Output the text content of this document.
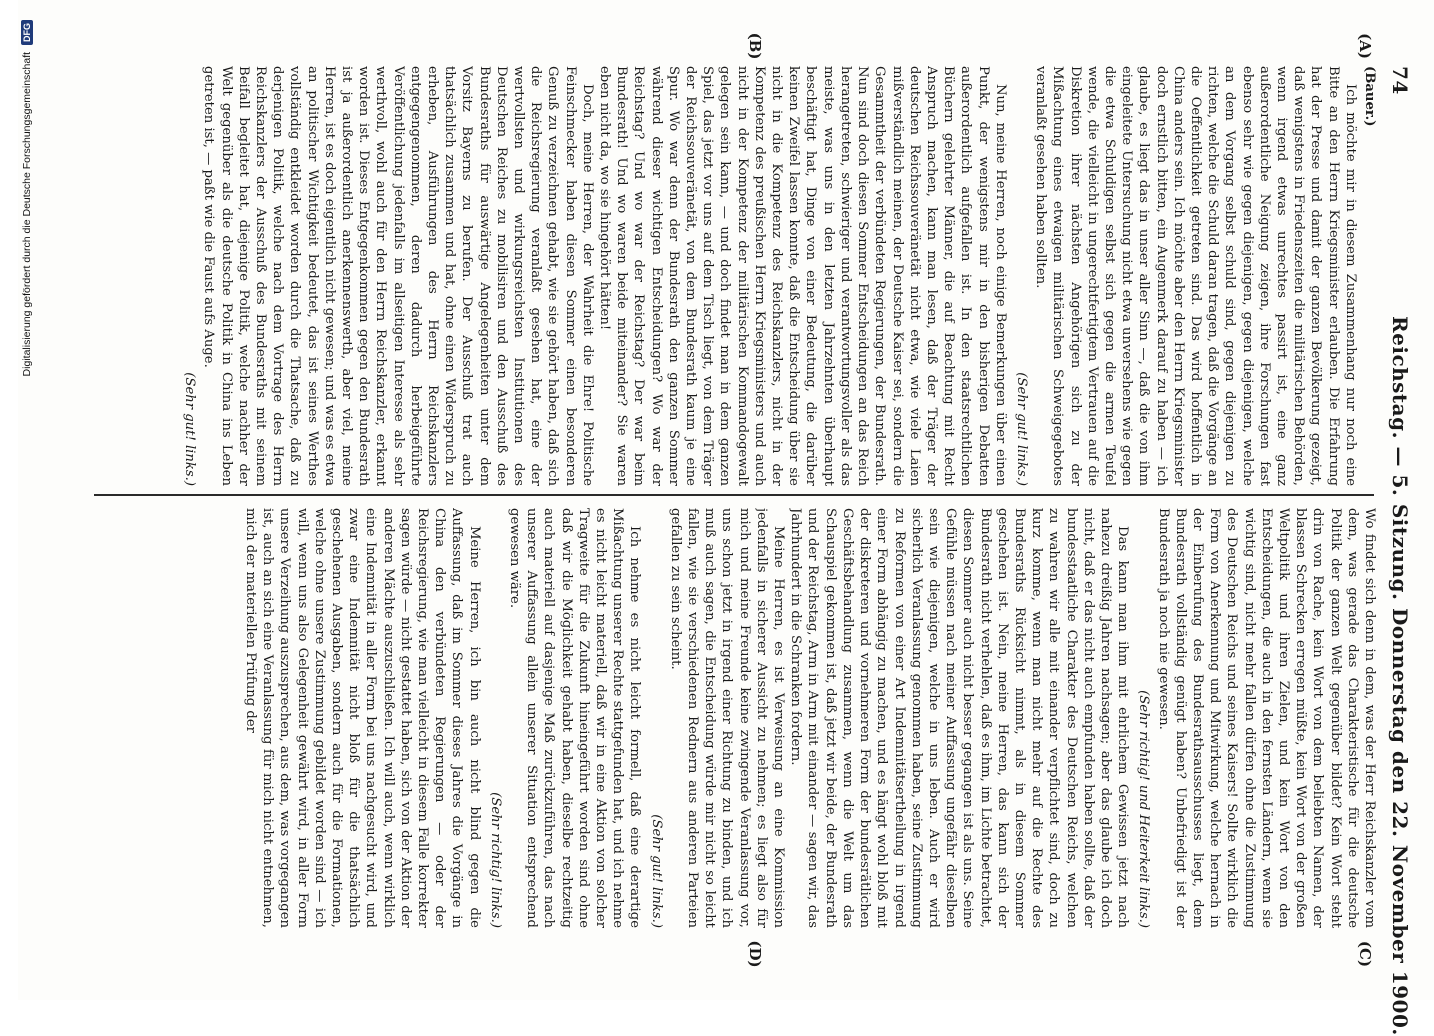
74
Reichstag. — 5. Sitzung. Donnerstag den 22. November 1900.
(A)
(B)
(C)
(D)

(Bauer.)

Ich möchte mir in diesem Zusammenhang nur noch eine Bitte an den Herrn Kriegsminister erlauben. Die Erfahrung hat der Presse und damit der ganzen Bevölkerung gezeigt, daß wenigstens in Friedenszeiten die militärischen Behörden, wenn irgend etwas unrechtes passirt ist, eine ganz außerordentliche Neigung zeigen, ihre Forschungen fast ebenso sehr wie gegen diejenigen, gegen diejenigen, welche an dem Vorgang selbst schuld sind, gegen diejenigen zu richten, welche die Schuld daran tragen, daß die Vorgänge an die Oeffentlichkeit getreten sind. Das wird hoffentlich in China anders sein. Ich möchte aber den Herrn Kriegsminister doch ernstlich bitten, ein Augenmerk darauf zu haben — ich glaube, es liegt das in unser aller Sinn —, daß die von ihm eingeleitete Untersuchung nicht etwa unversehens wie gegen die etwa Schuldigen selbst sich gegen die armen Teufel wende, die vielleicht in ungerechtfertigtem Vertrauen auf die Diskretion ihrer nächsten Angehörigen sich zu der Mißachtung eines etwaigen militärischen Schweigegebotes veranlaßt gesehen haben sollten.

(Sehr gut! links.)

Nun, meine Herren, noch einige Bemerkungen über einen Punkt, der wenigstens mir in den bisherigen Debatten außerordentlich aufgefallen ist. In den staatsrechtlichen Büchern gelehrter Männer, die auf Beachtung mit Recht Anspruch machen, kann man lesen, daß der Träger der deutschen Reichssouveränetät nicht etwa, wie viele Laien mißverständlich meinen, der Deutsche Kaiser sei, sondern die Gesammtheit der verbündeten Regierungen, der Bundesrath. Nun sind doch diesen Sommer Entscheidungen an das Reich herangetreten, schwieriger und verantwortungsvoller als das meiste, was uns in den letzten Jahrzehnten überhaupt beschäftigt hat, Dinge von einer Bedeutung, die darüber keinen Zweifel lassen konnte, daß die Entscheidung über sie nicht in die Kompetenz des Reichskanzlers, nicht in der Kompetenz des preußischen Herrn Kriegsministers und auch nicht in der Kompetenz der militärischen Kommandogewalt gelegen sein kann, — und doch findet man in dem ganzen Spiel, das jetzt vor uns auf dem Tisch liegt, von dem Träger der Reichssouveränetät, von dem Bundesrath kaum je eine Spur. Wo war denn der Bundesrath den ganzen Sommer während dieser wichtigen Entscheidungen? Wo war der Reichstag? Und wo war der Reichstag? Der war beim Bundesrath! Und wo waren beide miteinander? Sie waren eben nicht da, wo sie hingehört hätten!

Doch, meine Herren, der Wahrheit die Ehre! Politische Feinschmecker haben diesen Sommer einen besonderen Genuß zu verzeichnen gehabt, wie sie gehört haben, daß sich die Reichsregierung veranlaßt gesehen hat, eine der wertvollsten und wirkungsreichsten Institutionen des Deutschen Reiches zu mobilisiren und den Ausschuß des Bundesraths für auswärtige Angelegenheiten unter dem Vorsitz Bayerns zu berufen. Der Ausschuß trat auch thatsächlich zusammen und hat, ohne einen Widerspruch zu erheben, Ausführungen des Herrn Reichskanzlers entgegengenommen, deren dadurch herbeigeführte Veröffentlichung jedenfalls im allseitigen Interesse als sehr werthvoll, wohl auch für den Herrn Reichskanzler, erkannt worden ist. Dieses Entgegenkommen gegen den Bundesrath ist ja außerordentlich anerkennenswerth, aber viel, meine Herren, ist es doch eigentlich nicht gewesen; und was es etwa an politischer Wichtigkeit bedeutet, das ist seines Werthes vollständig entkleidet worden durch die Thatsache, daß zu derjenigen Politik, welche nach dem Vortrage des Herrn Reichskanzlers der Ausschuß des Bundesraths mit seinem Beifall begleitet hat, diejenige Politik, welche nachher der Welt gegenüber als die deutsche Politik in China ins Leben getreten ist, — paßt wie die Faust aufs Auge.

(Sehr gut! links.)

Wo findet sich denn in dem, was der Herr Reichskanzler vom dem, was gerade das Charakteristische für die deutsche Politik der ganzen Welt gegenüber bildet? Kein Wort steht drin von Rache, kein Wort von dem beliebten Namen, der blassen Schrecken erregen müßte, kein Wort von der großen Weltpolitik und ihren Zielen, und kein Wort von den Entscheidungen, die auch in den fernsten Ländern, wenn sie wichtig sind, nicht mehr fallen dürfen ohne die Zustimmung des Deutschen Reichs und seines Kaisers! Sollte wirklich die Form von Anerkennung und Mitwirkung, welche hernach in der Einberufung des Bundesrathsausschusses liegt, dem Bundesrath vollständig genügt haben? Unbefriedigt ist der Bundesrath ja noch nie gewesen.

(Sehr richtig! und Heiterkeit links.)

Das kann man ihm mit ehrlichem Gewissen jetzt nach nahezu dreißig Jahren nachsagen; aber das glaube ich doch nicht, daß er das nicht auch empfunden haben sollte, daß der bundesstaatliche Charakter des Deutschen Reichs, welchen zu wahren wir alle mit einander verpflichtet sind, doch zu kurz komme, wenn man nicht mehr auf die Rechte des Bundesraths Rücksicht nimmt, als in diesem Sommer geschehen ist. Nein, meine Herren, das kann sich der Bundesrath nicht verhehlen, daß es ihm, im Lichte betrachtet, diesen Sommer auch nicht besser gegangen ist als uns. Seine Gefühle müssen nach meiner Auffassung ungefähr dieselben sein wie diejenigen, welche in uns leben. Auch er wird sicherlich Veranlassung genommen haben, seine Zustimmung zu Reformen von einer Art Indemnitätsertheilung in irgend einer Form abhängig zu machen, und es hängt wohl bloß mit der diskreteren und vornehmeren Form der bundesrätlichen Geschäftsbehandlung zusammen, wenn die Welt um das Schauspiel gekommen ist, daß jetzt wir beide, der Bundesrath und der Reichstag, Arm in Arm mit einander — sagen wir, das Jahrhundert in die Schranken fordern.

Meine Herren, es ist Verweisung an eine Kommission jedenfalls in sicherer Aussicht zu nehmen; es liegt also für mich und meine Freunde keine zwingende Veranlassung vor, uns schon jetzt in irgend einer Richtung zu binden, und ich muß auch sagen, die Entscheidung würde mir nicht so leicht fallen, wie sie verschiedenen Rednern aus anderen Parteien gefallen zu sein scheint.

(Sehr gut! links.)

Ich nehme es nicht leicht formell, daß eine derartige Mißachtung unserer Rechte stattgefunden hat, und ich nehme es nicht leicht materiell, daß wir in eine Aktion von solcher Tragweite für die Zukunft hineingeführt worden sind ohne daß wir die Möglichkeit gehabt haben, dieselbe rechtzeitig auch materiell auf dasjenige Maß zurückzuführen, das nach unserer Auffassung allein unserer Situation entsprechend gewesen wäre.

(Sehr richtig! links.)

Meine Herren, ich bin auch nicht blind gegen die Auffassung, daß im Sommer dieses Jahres die Vorgänge in China den verbündeten Regierungen — oder der Reichsregierung, wie man vielleicht in diesem Falle korrekter sagen würde — nicht gestattet haben, sich von der Aktion der anderen Mächte auszuschließen. Ich will auch, wenn wirklich eine Indemnität in aller Form bei uns nachgesucht wird, und zwar eine Indemnität nicht bloß für die thatsächlich geschehenen Ausgaben, sondern auch für die Formationen, welche ohne unsere Zustimmung gebildet worden sind — ich will, wenn uns also Gelegenheit gewährt wird, in aller Form unsere Verzeihung auszusprechen, aus dem, was vorgegangen ist, auch an sich eine Veranlassung für mich nicht entnehmen, mich der materiellen Prüfung der

Digitalisierung gefördert durch die Deutsche Forschungsgemeinschaft DFG
